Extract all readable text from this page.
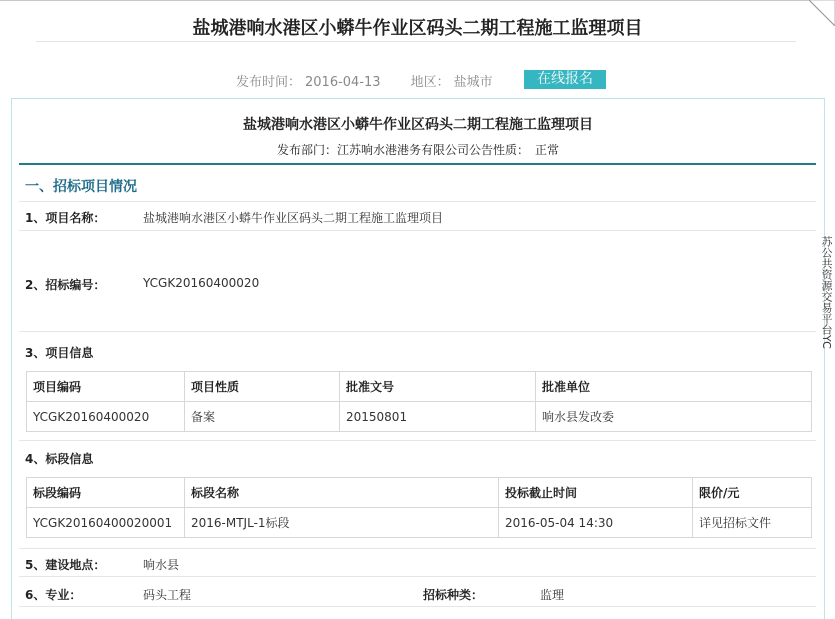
盐城港响水港区小蟒牛作业区码头二期工程施工监理项目
发布时间： 2016-04-13 地区： 盐城市	在线报名
盐城港响水港区小蟒牛作业区码头二期工程施工监理项目
发布部门：江苏响水港港务有限公司公告性质：　正常
一、招标项目情况
1、项目名称：	盐城港响水港区小蟒牛作业区码头二期工程施工监理项目
2、招标编号：	YCGK20160400020
3、项目信息
项目编码	项目性质	批准文号	批准单位
YCGK20160400020	备案	20150801	响水县发改委
4、标段信息
标段编码	标段名称	投标截止时间	限价/元
YCGK2016040002000​1	2016-MTJL-1标段	2016-05-04 14:30	详见招标文件
5、建设地点：	响水县
6、专业：	码头工程	招标种类：	监理
苏公共资源交易平台YC
